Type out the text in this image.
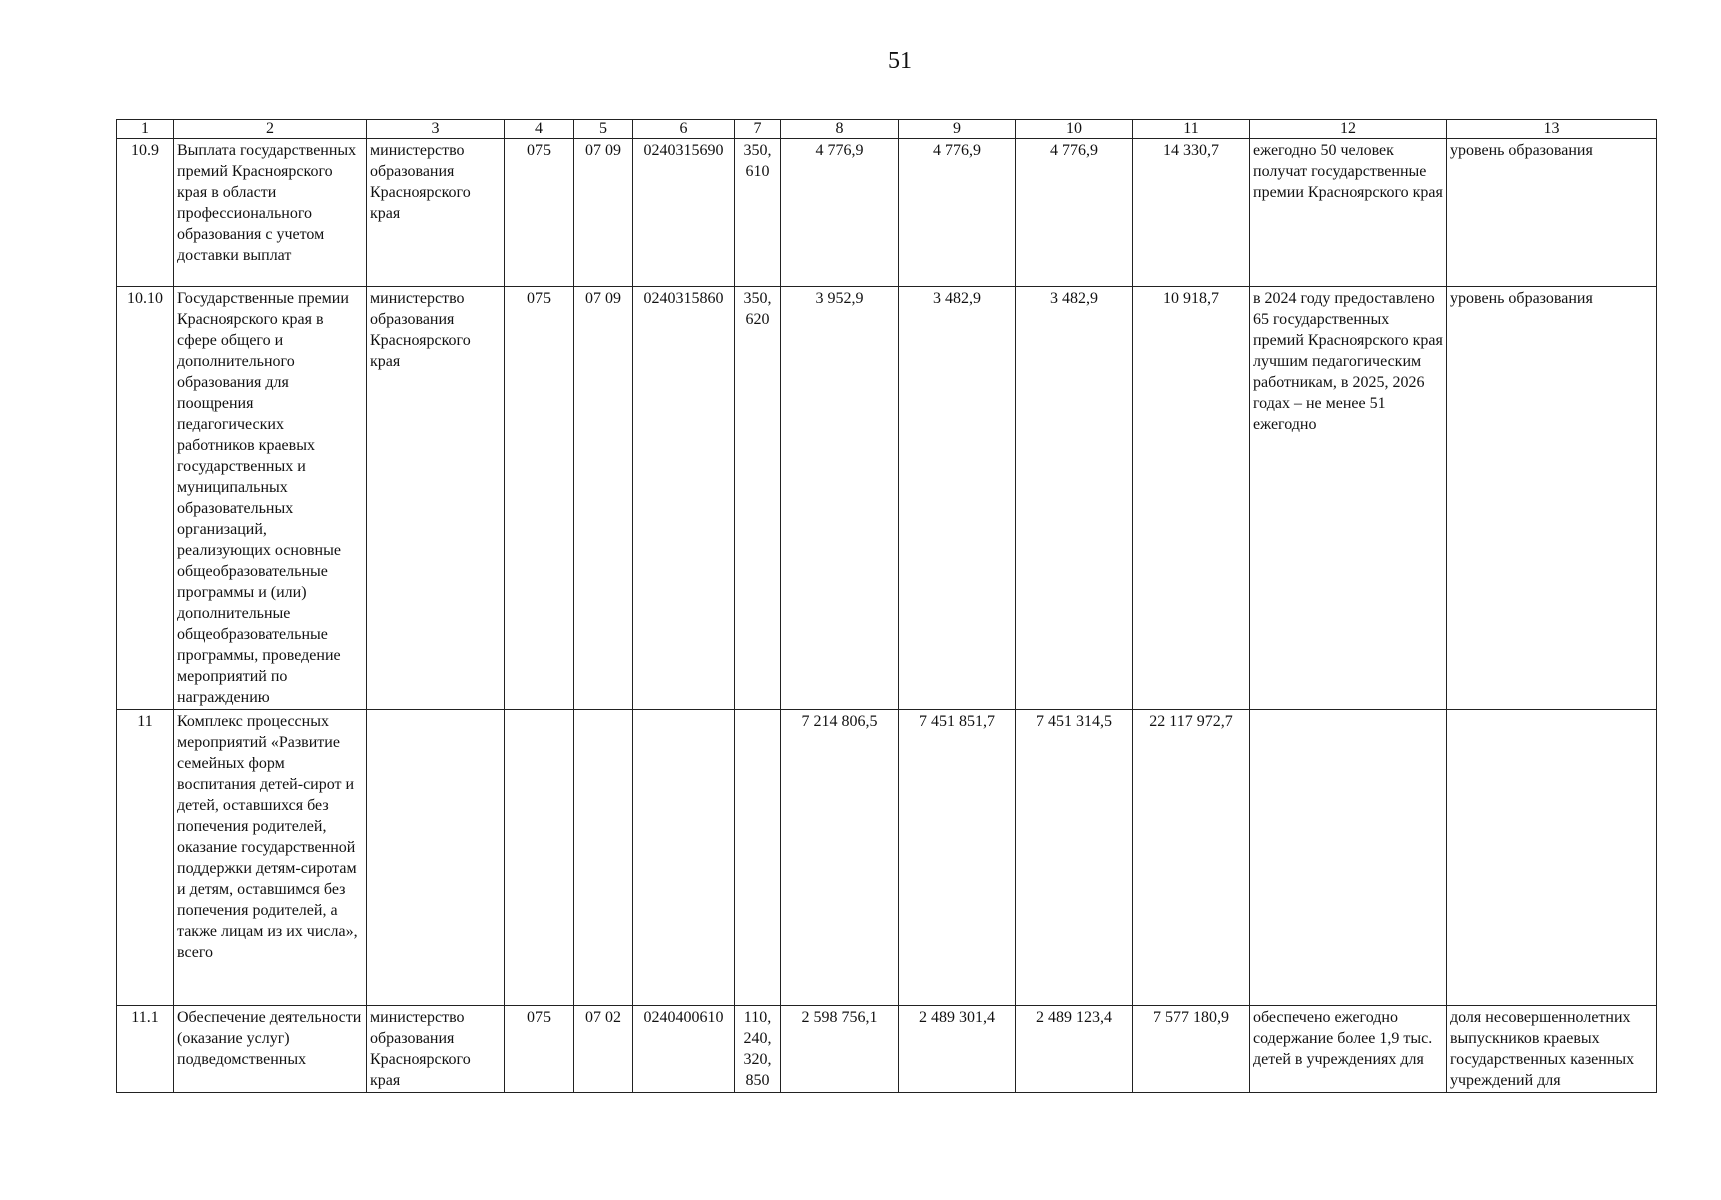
51
1	2	3	4	5	6	7	8	9	10	11	12	13
10.9	Выплата государственных премий Красноярского края в области профессионального образования с учетом доставки выплат	министерство образования Красноярского края	075	07 09	0240315690	350, 610	4 776,9	4 776,9	4 776,9	14 330,7	ежегодно 50 человек получат государственные премии Красноярского края	уровень образования
10.10	Государственные премии Красноярского края в сфере общего и дополнительного образования для поощрения педагогических работников краевых государственных и муниципальных образовательных организаций, реализующих основные общеобразовательные программы и (или) дополнительные общеобразовательные программы, проведение мероприятий по награждению	министерство образования Красноярского края	075	07 09	0240315860	350, 620	3 952,9	3 482,9	3 482,9	10 918,7	в 2024 году предоставлено 65 государственных премий Красноярского края лучшим педагогическим работникам, в 2025, 2026 годах – не менее 51 ежегодно	уровень образования
11	Комплекс процессных мероприятий «Развитие семейных форм воспитания детей-сирот и детей, оставшихся без попечения родителей, оказание государственной поддержки детям-сиротам и детям, оставшимся без попечения родителей, а также лицам из их числа», всего						7 214 806,5	7 451 851,7	7 451 314,5	22 117 972,7		
11.1	Обеспечение деятельности (оказание услуг) подведомственных	министерство образования Красноярского края	075	07 02	0240400610	110, 240, 320, 850	2 598 756,1	2 489 301,4	2 489 123,4	7 577 180,9	обеспечено ежегодно содержание более 1,9 тыс. детей в учреждениях для	доля несовершеннолетних выпускников краевых государственных казенных учреждений для
